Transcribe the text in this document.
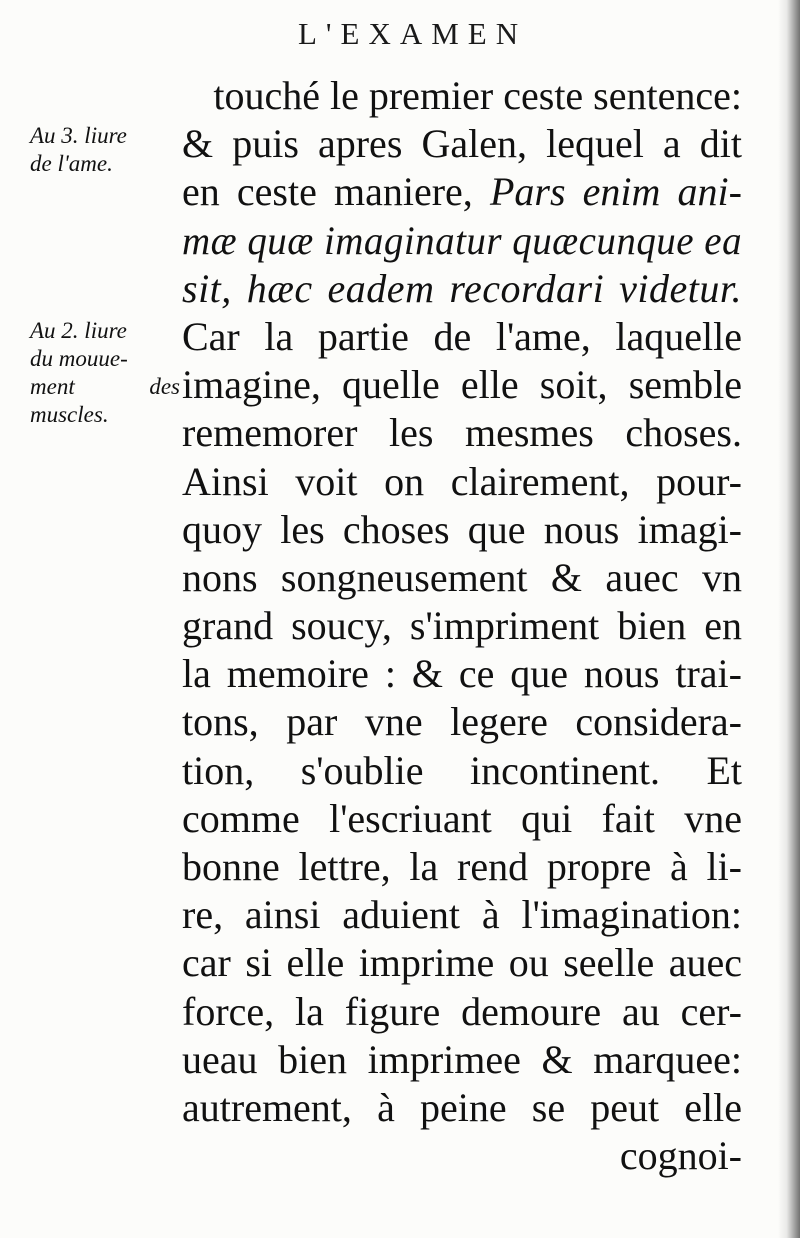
L'EXAMEN
Au 3. liure
de l'ame.
Au 2. liure
du mouue-
ment des
muscles.
touché le premier ceste sentence:
& puis apres Galen, lequel a dit
en ceste maniere, Pars enim ani-
mæ quæ imaginatur quæcunque ea
sit, hæc eadem recordari videtur.
Car la partie de l'ame, laquelle
imagine, quelle elle soit, semble
rememorer les mesmes choses.
Ainsi voit on clairement, pour-
quoy les choses que nous imagi-
nons songneusement & auec vn
grand soucy, s'impriment bien en
la memoire : & ce que nous trai-
tons, par vne legere considera-
tion, s'oublie incontinent. Et
comme l'escriuant qui fait vne
bonne lettre, la rend propre à li-
re, ainsi aduient à l'imagination:
car si elle imprime ou seelle auec
force, la figure demoure au cer-
ueau bien imprimee & marquee:
autrement, à peine se peut elle
cognoi-
